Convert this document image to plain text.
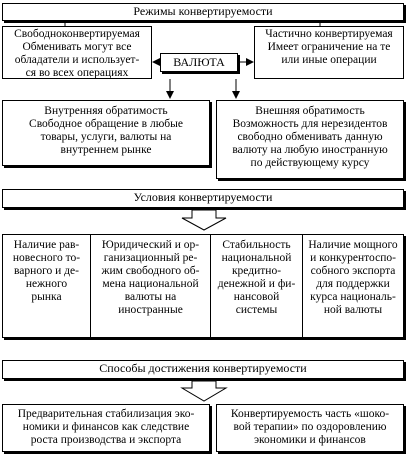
Режимы конвертируемости
Свободноконвертируемая
Обменивать могут все
обладатели и использует-
ся во всех операциях
ВАЛЮТА
Частично конвертируемая
Имеет ограничение на те
или иные операции
Внутренняя обратимость
Свободное обращение в любые
товары, услуги, валюты на
внутреннем рынке
Внешняя обратимость
Возможность для нерезидентов
свободно обменивать данную
валюту на любую иностранную
по действующему курсу
Условия конвертируемости
Наличие рав-
новесного то-
варного и де-
нежного
рынка
Юридический и ор-
ганизационный ре-
жим свободного об-
мена национальной
валюты на
иностранные
Стабильность
национальной
кредитно-
денежной и фи-
нансовой
системы
Наличие мощного
и конкурентоспо-
собного экспорта
для поддержки
курса националь-
ной валюты
Способы достижения конвертируемости
Предварительная стабилизация эко-
номики и финансов как следствие
роста производства и экспорта
Конвертируемость часть «шоко-
вой терапии» по оздоровлению
экономики и финансов
